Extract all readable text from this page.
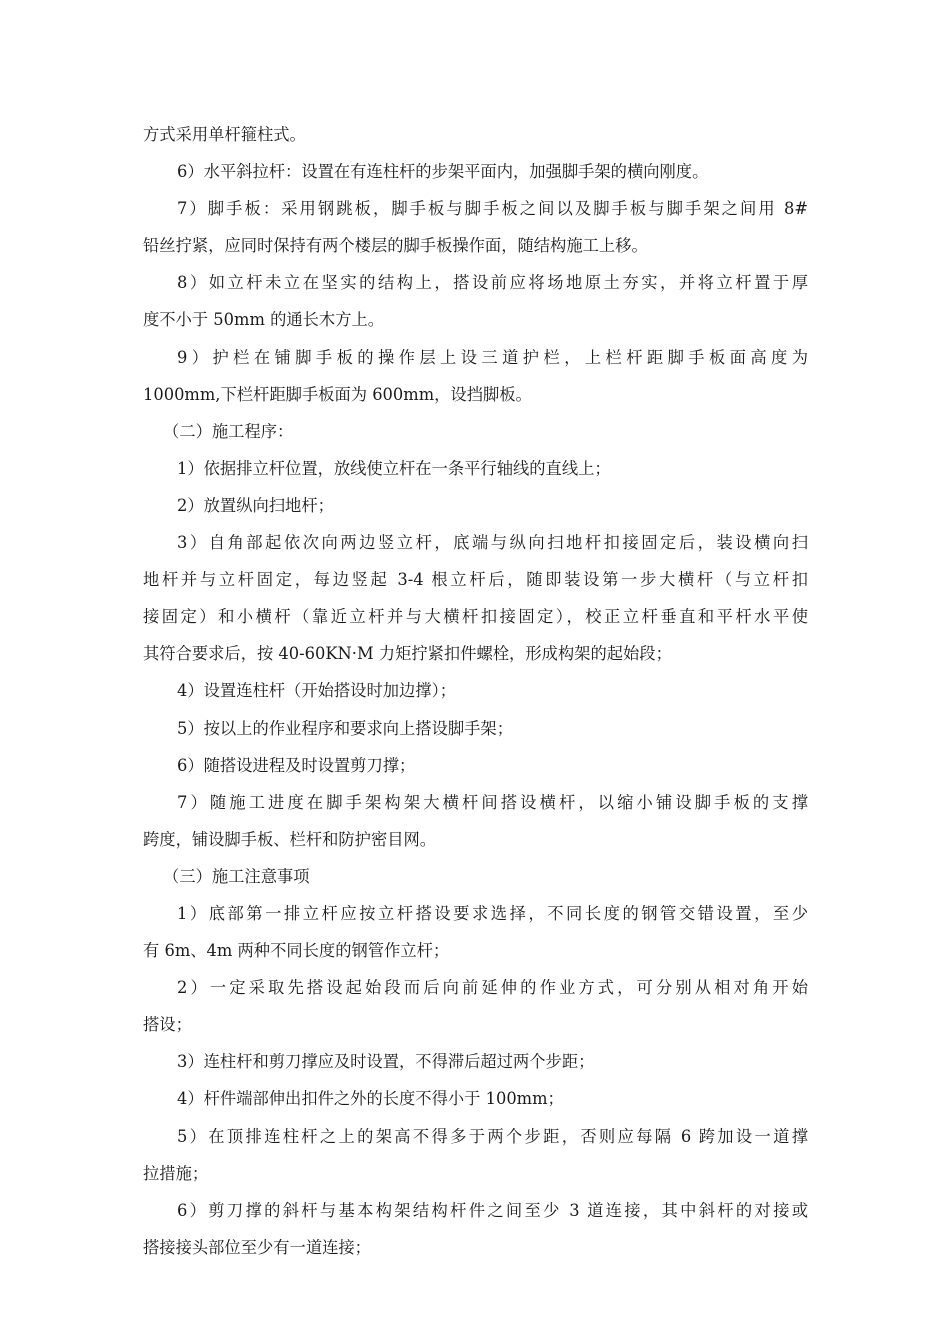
方式采用单杆箍柱式。
6）水平斜拉杆：设置在有连柱杆的步架平面内，加强脚手架的横向刚度。
7）脚手板：采用钢跳板，脚手板与脚手板之间以及脚手板与脚手架之间用 8#
铅丝拧紧，应同时保持有两个楼层的脚手板操作面，随结构施工上移。
8）如立杆未立在坚实的结构上，搭设前应将场地原土夯实，并将立杆置于厚
度不小于 50mm 的通长木方上。
9）护栏在铺脚手板的操作层上设三道护栏，上栏杆距脚手板面高度为
1000mm,下栏杆距脚手板面为 600mm，设挡脚板。
（二）施工程序：
1）依据排立杆位置，放线使立杆在一条平行轴线的直线上；
2）放置纵向扫地杆；
3）自角部起依次向两边竖立杆，底端与纵向扫地杆扣接固定后，装设横向扫
地杆并与立杆固定，每边竖起 3-4 根立杆后，随即装设第一步大横杆（与立杆扣
接固定）和小横杆（靠近立杆并与大横杆扣接固定），校正立杆垂直和平杆水平使
其符合要求后，按 40-60KN·M 力矩拧紧扣件螺栓，形成构架的起始段；
4）设置连柱杆（开始搭设时加边撑）；
5）按以上的作业程序和要求向上搭设脚手架；
6）随搭设进程及时设置剪刀撑；
7）随施工进度在脚手架构架大横杆间搭设横杆，以缩小铺设脚手板的支撑
跨度，铺设脚手板、栏杆和防护密目网。
（三）施工注意事项
1）底部第一排立杆应按立杆搭设要求选择，不同长度的钢管交错设置，至少
有 6m、4m 两种不同长度的钢管作立杆；
2）一定采取先搭设起始段而后向前延伸的作业方式，可分别从相对角开始
搭设；
3）连柱杆和剪刀撑应及时设置，不得滞后超过两个步距；
4）杆件端部伸出扣件之外的长度不得小于 100mm；
5）在顶排连柱杆之上的架高不得多于两个步距，否则应每隔 6 跨加设一道撑
拉措施；
6）剪刀撑的斜杆与基本构架结构杆件之间至少 3 道连接，其中斜杆的对接或
搭接接头部位至少有一道连接；
